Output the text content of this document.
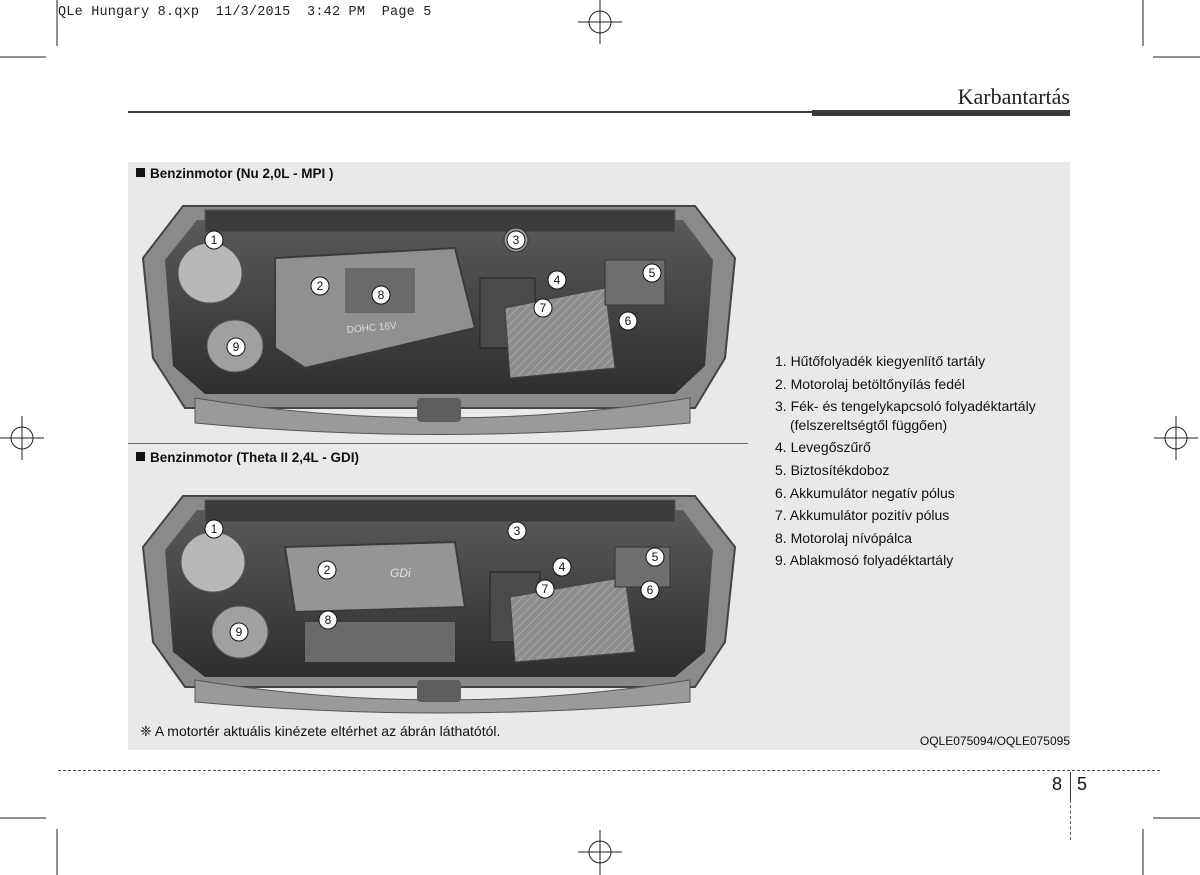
QLe Hungary 8.qxp  11/3/2015  3:42 PM  Page 5
Karbantartás
Benzinmotor (Nu 2,0L - MPI )
Benzinmotor (Theta II 2,4L - GDI)
DOHC 16V
1
2
3
4	5
6
7
8
9
GDi
1
2
3
4
5
6
7
8
9
1. Hűtőfolyadék kiegyenlítő tartály
2. Motorolaj betöltőnyílás fedél
3. Fék- és tengelykapcsoló folyadéktartály
(felszereltségtől függően)
4. Levegőszűrő
5. Biztosítékdoboz
6. Akkumulátor negatív pólus
7. Akkumulátor pozitív pólus
8. Motorolaj nívópálca
9. Ablakmosó folyadéktartály
❈ A motortér aktuális kinézete eltérhet az ábrán láthatótól.
OQLE075094/OQLE075095
8 5
